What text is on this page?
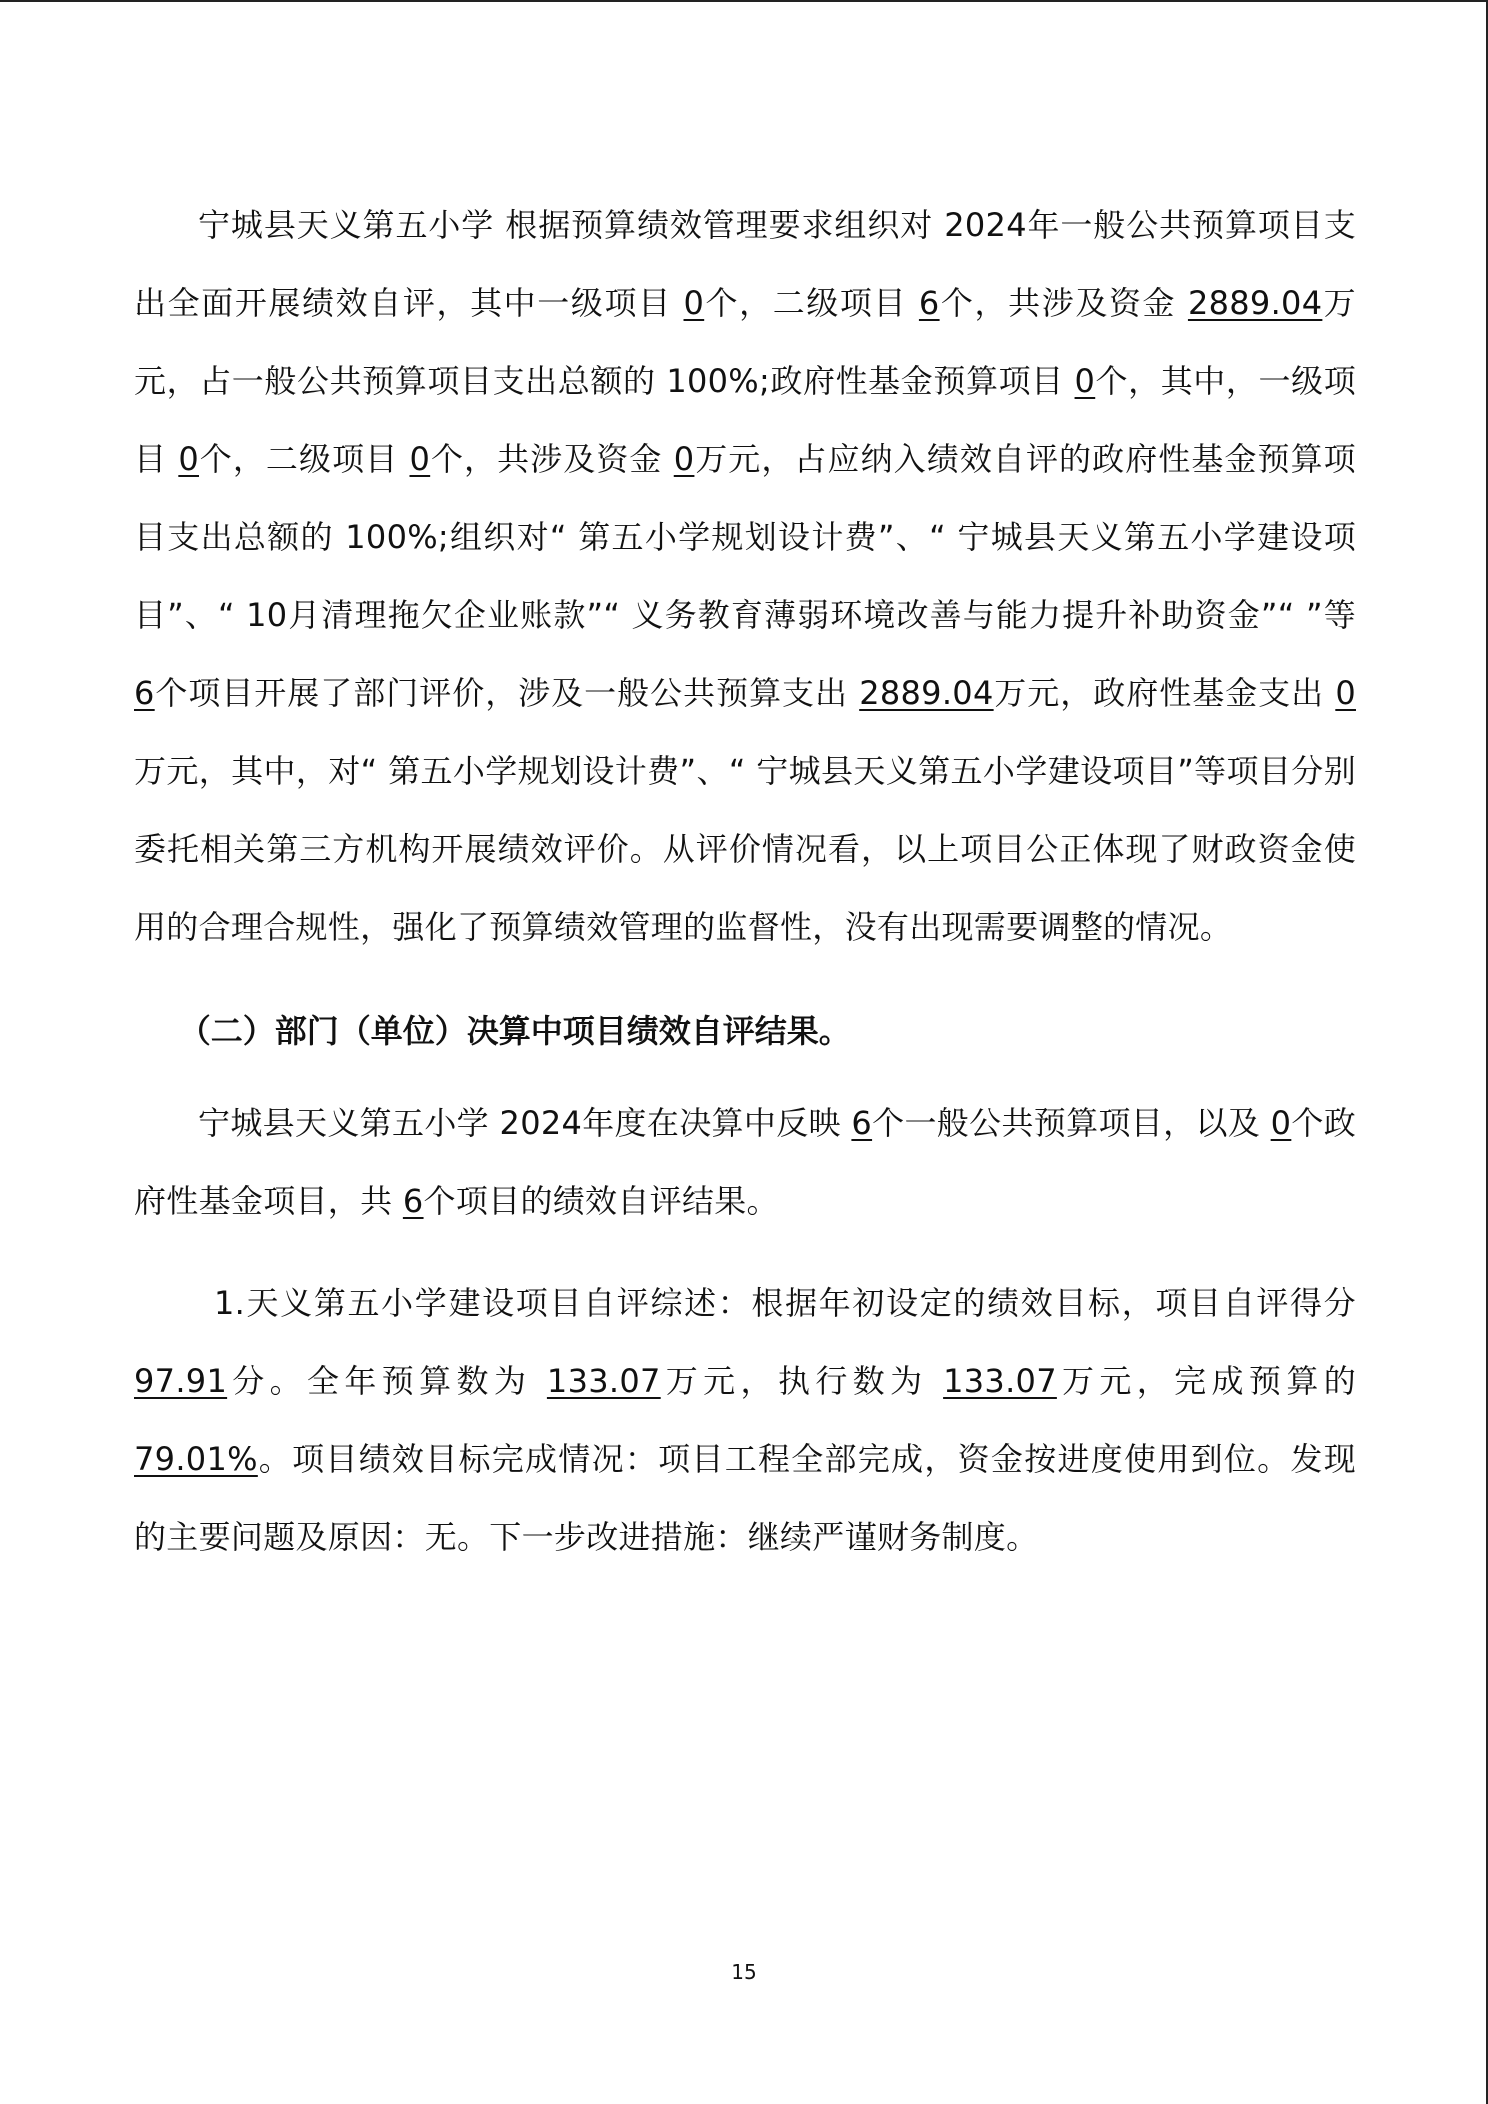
宁城县天义第五小学 根据预算绩效管理要求组织对 2024年一般公共预算项目支出全面开展绩效自评，其中一级项目 0个，二级项目 6个，共涉及资金 2889.04万元，占一般公共预算项目支出总额的 100%;政府性基金预算项目 0个，其中，一级项目 0个，二级项目 0个，共涉及资金 0万元，占应纳入绩效自评的政府性基金预算项目支出总额的 100%;组织对“ 第五小学规划设计费”、“ 宁城县天义第五小学建设项目”、“ 10月清理拖欠企业账款”“ 义务教育薄弱环境改善与能力提升补助资金”“ ”等 6个项目开展了部门评价，涉及一般公共预算支出 2889.04万元，政府性基金支出 0万元，其中，对“ 第五小学规划设计费”、“ 宁城县天义第五小学建设项目”等项目分别委托相关第三方机构开展绩效评价。从评价情况看，以上项目公正体现了财政资金使用的合理合规性，强化了预算绩效管理的监督性，没有出现需要调整的情况。

（二）部门（单位）决算中项目绩效自评结果。

宁城县天义第五小学 2024年度在决算中反映 6个一般公共预算项目，以及 0个政府性基金项目，共 6个项目的绩效自评结果。

1.天义第五小学建设项目自评综述：根据年初设定的绩效目标，项目自评得分 97.91分。全年预算数为 133.07万元，执行数为 133.07万元，完成预算的 79.01%。项目绩效目标完成情况：项目工程全部完成，资金按进度使用到位。发现的主要问题及原因：无。下一步改进措施：继续严谨财务制度。

15
